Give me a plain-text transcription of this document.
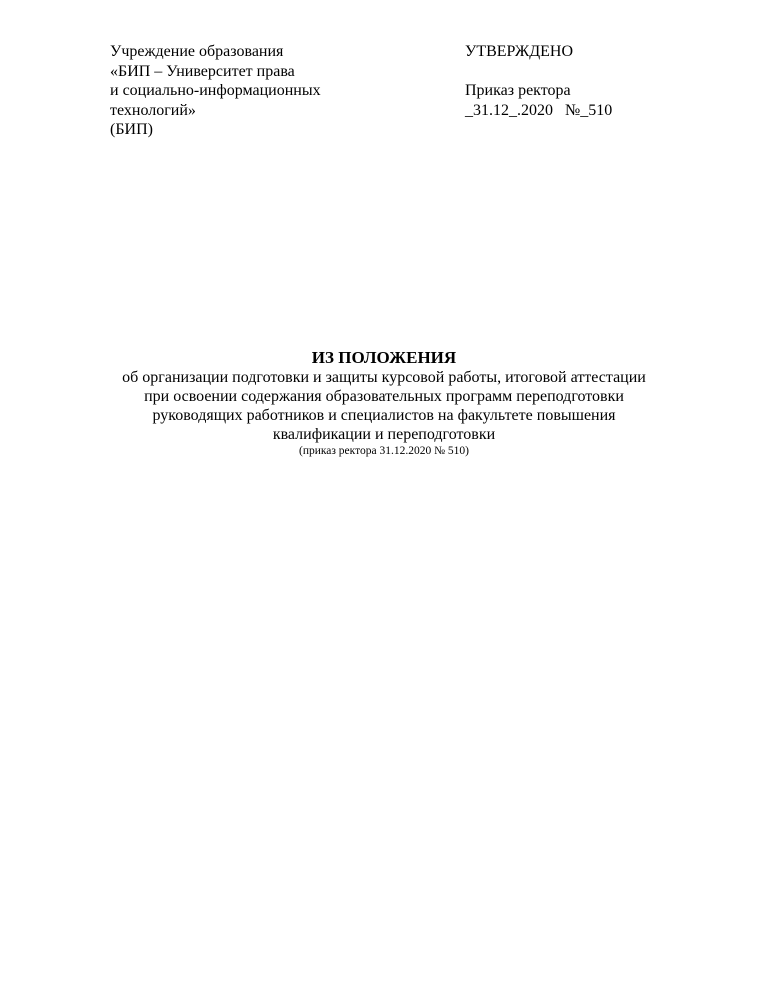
Учреждение образования
«БИП – Университет права
и социально-информационных
технологий»
(БИП)
УТВЕРЖДЕНО
Приказ ректора
_31.12_.2020   №_510
ИЗ ПОЛОЖЕНИЯ
об организации подготовки и защиты курсовой работы, итоговой аттестации
при освоении содержания образовательных программ переподготовки
руководящих работников и специалистов на факультете повышения
квалификации и переподготовки
(приказ ректора 31.12.2020 № 510)
